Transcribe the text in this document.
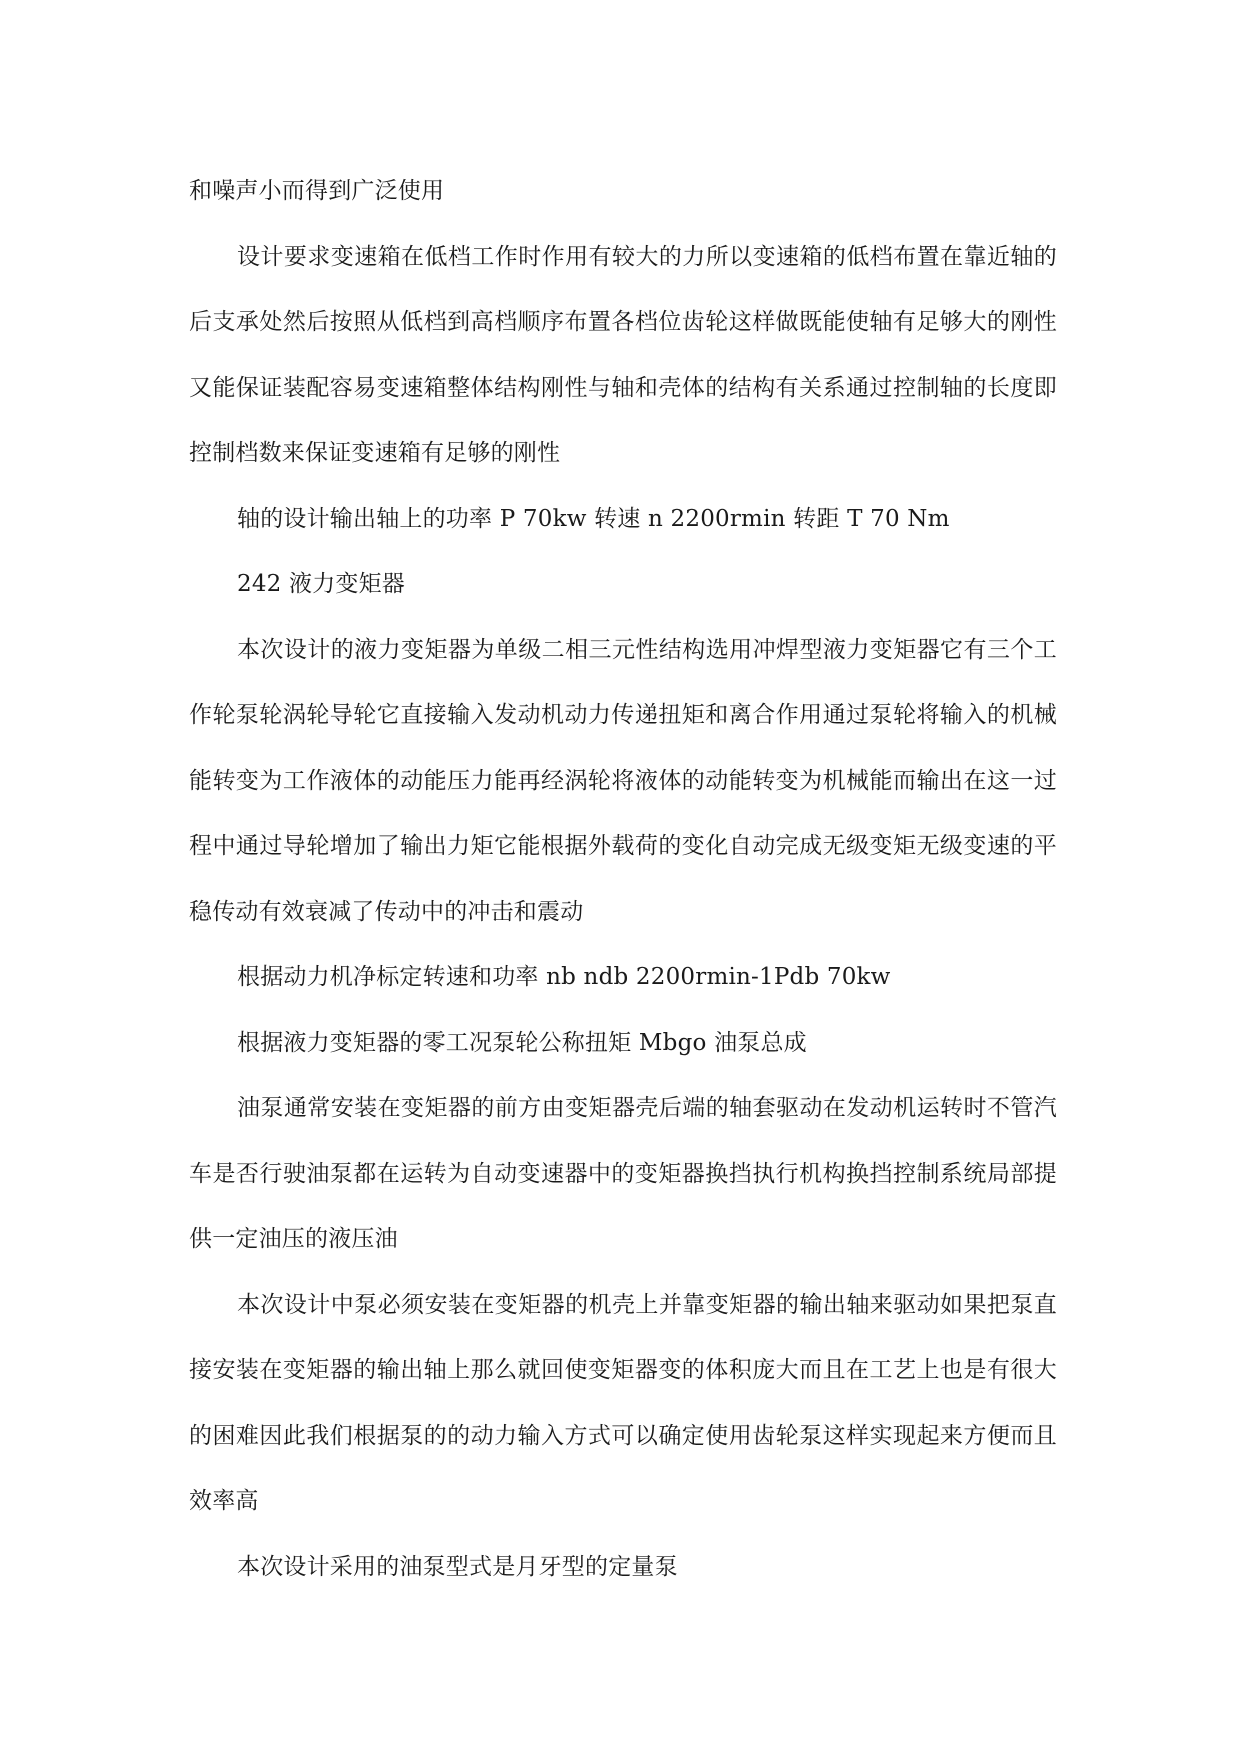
和噪声小而得到广泛使用

设计要求变速箱在低档工作时作用有较大的力所以变速箱的低档布置在靠近轴的后支承处然后按照从低档到高档顺序布置各档位齿轮这样做既能使轴有足够大的刚性又能保证装配容易变速箱整体结构刚性与轴和壳体的结构有关系通过控制轴的长度即控制档数来保证变速箱有足够的刚性

轴的设计输出轴上的功率 P 70kw 转速 n 2200rmin 转距 T 70 Nm

242 液力变矩器

本次设计的液力变矩器为单级二相三元性结构选用冲焊型液力变矩器它有三个工作轮泵轮涡轮导轮它直接输入发动机动力传递扭矩和离合作用通过泵轮将输入的机械能转变为工作液体的动能压力能再经涡轮将液体的动能转变为机械能而输出在这一过程中通过导轮增加了输出力矩它能根据外载荷的变化自动完成无级变矩无级变速的平稳传动有效衰减了传动中的冲击和震动

根据动力机净标定转速和功率 nb ndb 2200rmin-1Pdb 70kw

根据液力变矩器的零工况泵轮公称扭矩 Mbgo 油泵总成

油泵通常安装在变矩器的前方由变矩器壳后端的轴套驱动在发动机运转时不管汽车是否行驶油泵都在运转为自动变速器中的变矩器换挡执行机构换挡控制系统局部提供一定油压的液压油

本次设计中泵必须安装在变矩器的机壳上并靠变矩器的输出轴来驱动如果把泵直接安装在变矩器的输出轴上那么就回使变矩器变的体积庞大而且在工艺上也是有很大的困难因此我们根据泵的的动力输入方式可以确定使用齿轮泵这样实现起来方便而且效率高

本次设计采用的油泵型式是月牙型的定量泵
